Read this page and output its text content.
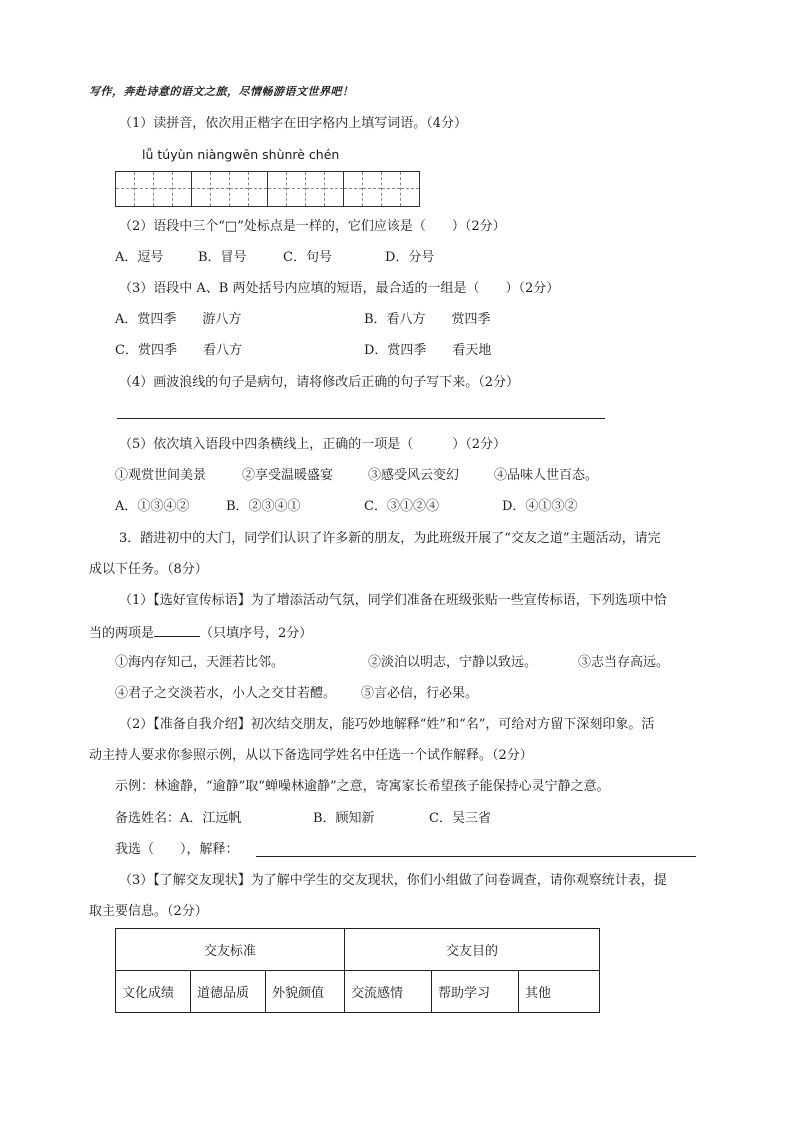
写作，奔赴诗意的语文之旅，尽情畅游语文世界吧！
（1）读拼音，依次用正楷字在田字格内上填写词语。（4分）
lǚ túyùn niàngwēn shùnrè chén
（2）语段中三个“□”处标点是一样的，它们应该是（　　）（2分）
A．逗号	B．冒号	C．句号	D．分号
（3）语段中 A、B 两处括号内应填的短语，最合适的一组是（　　）（2分）
A．赏四季　　游八方	B．看八方　　赏四季
C．赏四季　　看八方	D．赏四季　　看天地
（4）画波浪线的句子是病句，请将修改后正确的句子写下来。（2分）
（5）依次填入语段中四条横线上，正确的一项是（　　　）（2分）
①观赏世间美景	②享受温暖盛宴	③感受风云变幻	④品味人世百态。
A．①③④②	B．②③④①	C．③①②④	D．④①③②
3．踏进初中的大门，同学们认识了许多新的朋友，为此班级开展了“交友之道”主题活动，请完
成以下任务。（8分）
（1）【选好宣传标语】为了增添活动气氛，同学们准备在班级张贴一些宣传标语，下列选项中恰
当的两项是	（只填序号，2分）
①海内存知己，天涯若比邻。	②淡泊以明志，宁静以致远。	③志当存高远。
④君子之交淡若水，小人之交甘若醴。 ⑤言必信，行必果。
（2）【准备自我介绍】初次结交朋友，能巧妙地解释“姓”和“名”，可给对方留下深刻印象。活
动主持人要求你参照示例，从以下备选同学姓名中任选一个试作解释。（2分）
示例：林逾静，“逾静”取“蝉噪林逾静”之意，寄寓家长希望孩子能保持心灵宁静之意。
备选姓名：A．江远帆	B．顾知新	C．吴三省
我选（　　），解释：
（3）【了解交友现状】为了解中学生的交友现状，你们小组做了问卷调查，请你观察统计表，提
取主要信息。（2分）
交友标准			交友目的		
文化成绩	道德品质	外貌颜值	交流感情	帮助学习	其他
